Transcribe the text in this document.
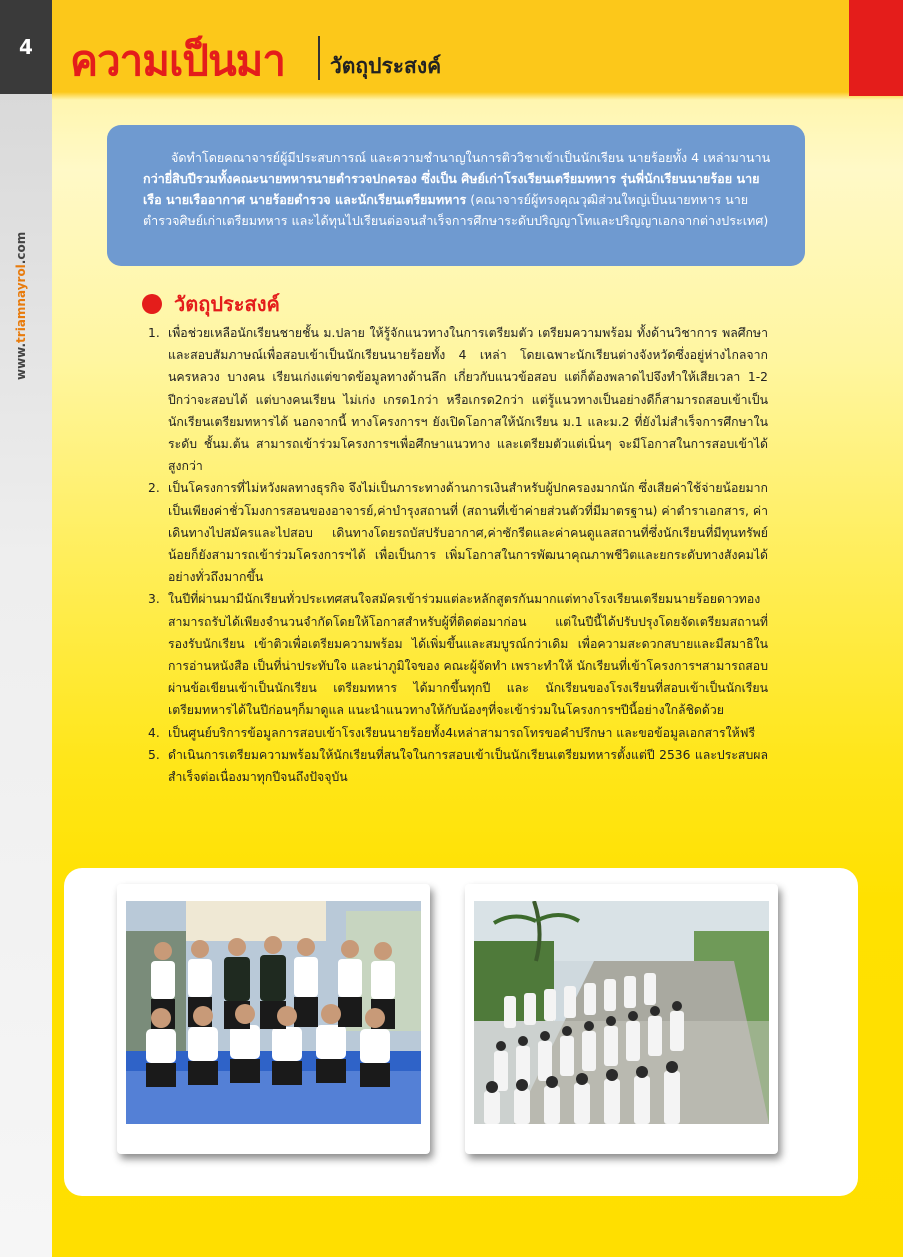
4
www.triamnayrol.com
ความเป็นมา วัตถุประสงค์

จัดทำโดยคณาจารย์ผู้มีประสบการณ์ และความชำนาญในการติววิชาเข้าเป็นนักเรียน นายร้อยทั้ง 4 เหล่ามานานกว่ายี่สิบปีรวมทั้งคณะนายทหารนายตำรวจปกครอง ซึ่งเป็น ศิษย์เก่าโรงเรียนเตรียมทหาร รุ่นพี่นักเรียนนายร้อย นายเรือ นายเรืออากาศ นายร้อยตำรวจ และนักเรียนเตรียมทหาร (คณาจารย์ผู้ทรงคุณวุฒิส่วนใหญ่เป็นนายทหาร นายตำรวจศิษย์เก่าเตรียมทหาร และได้ทุนไปเรียนต่อจนสำเร็จการศึกษาระดับปริญญาโทและปริญญาเอกจากต่างประเทศ)

วัตถุประสงค์
1. เพื่อช่วยเหลือนักเรียนชายชั้น ม.ปลาย ให้รู้จักแนวทางในการเตรียมตัว เตรียมความพร้อม ทั้งด้านวิชาการ พลศึกษาและสอบสัมภาษณ์เพื่อสอบเข้าเป็นนักเรียนนายร้อยทั้ง 4 เหล่า โดยเฉพาะนักเรียนต่างจังหวัดซึ่งอยู่ห่างไกลจากนครหลวง บางคน เรียนเก่งแต่ขาดข้อมูลทางด้านลึก เกี่ยวกับแนวข้อสอบ แต่ก็ต้องพลาดไปจึงทำให้เสียเวลา 1-2 ปีกว่าจะสอบได้ แต่บางคนเรียน ไม่เก่ง เกรด1กว่า หรือเกรด2กว่า แต่รู้แนวทางเป็นอย่างดีก็สามารถสอบเข้าเป็นนักเรียนเตรียมทหารได้ นอกจากนี้ ทางโครงการฯ ยังเปิดโอกาสให้นักเรียน ม.1 และม.2 ที่ยังไม่สำเร็จการศึกษาในระดับ ชั้นม.ต้น สามารถเข้าร่วมโครงการฯเพื่อศึกษาแนวทาง และเตรียมตัวแต่เนิ่นๆ จะมีโอกาสในการสอบเข้าได้สูงกว่า
2. เป็นโครงการที่ไม่หวังผลทางธุรกิจ จึงไม่เป็นภาระทางด้านการเงินสำหรับผู้ปกครองมากนัก ซึ่งเสียค่าใช้จ่ายน้อยมาก เป็นเพียงค่าชั่วโมงการสอนของอาจารย์,ค่าบำรุงสถานที่ (สถานที่เข้าค่ายส่วนตัวที่มีมาตรฐาน) ค่าตำราเอกสาร, ค่าเดินทางไปสมัครและไปสอบ เดินทางโดยรถบัสปรับอากาศ,ค่าซักรีดและค่าคนดูแลสถานที่ซึ่งนักเรียนที่มีทุนทรัพย์น้อยก็ยังสามารถเข้าร่วมโครงการฯได้ เพื่อเป็นการ เพิ่มโอกาสในการพัฒนาคุณภาพชีวิตและยกระดับทางสังคมได้อย่างทั่วถึงมากขึ้น
3. ในปีที่ผ่านมามีนักเรียนทั่วประเทศสนใจสมัครเข้าร่วมแต่ละหลักสูตรกันมากแต่ทางโรงเรียนเตรียมนายร้อยดาวทอง สามารถรับได้เพียงจำนวนจำกัดโดยให้โอกาสสำหรับผู้ที่ติดต่อมาก่อน แต่ในปีนี้ได้ปรับปรุงโดยจัดเตรียมสถานที่รองรับนักเรียน เข้าติวเพื่อเตรียมความพร้อม ได้เพิ่มขึ้นและสมบูรณ์กว่าเดิม เพื่อความสะดวกสบายและมีสมาธิในการอ่านหนังสือ เป็นที่น่าประทับใจ และน่าภูมิใจของ คณะผู้จัดทำ เพราะทำให้ นักเรียนที่เข้าโครงการฯสามารถสอบผ่านข้อเขียนเข้าเป็นนักเรียน เตรียมทหาร ได้มากขึ้นทุกปี และ นักเรียนของโรงเรียนที่สอบเข้าเป็นนักเรียนเตรียมทหารได้ในปีก่อนๆก็มาดูแล แนะนำแนวทางให้กับน้องๆที่จะเข้าร่วมในโครงการฯปีนี้อย่างใกล้ชิดด้วย
4. เป็นศูนย์บริการข้อมูลการสอบเข้าโรงเรียนนายร้อยทั้ง4เหล่าสามารถโทรขอคำปรึกษา และขอข้อมูลเอกสารให้ฟรี
5. ดำเนินการเตรียมความพร้อมให้นักเรียนที่สนใจในการสอบเข้าเป็นนักเรียนเตรียมทหารตั้งแต่ปี 2536 และประสบผลสำเร็จต่อเนื่องมาทุกปีจนถึงปัจจุบัน
